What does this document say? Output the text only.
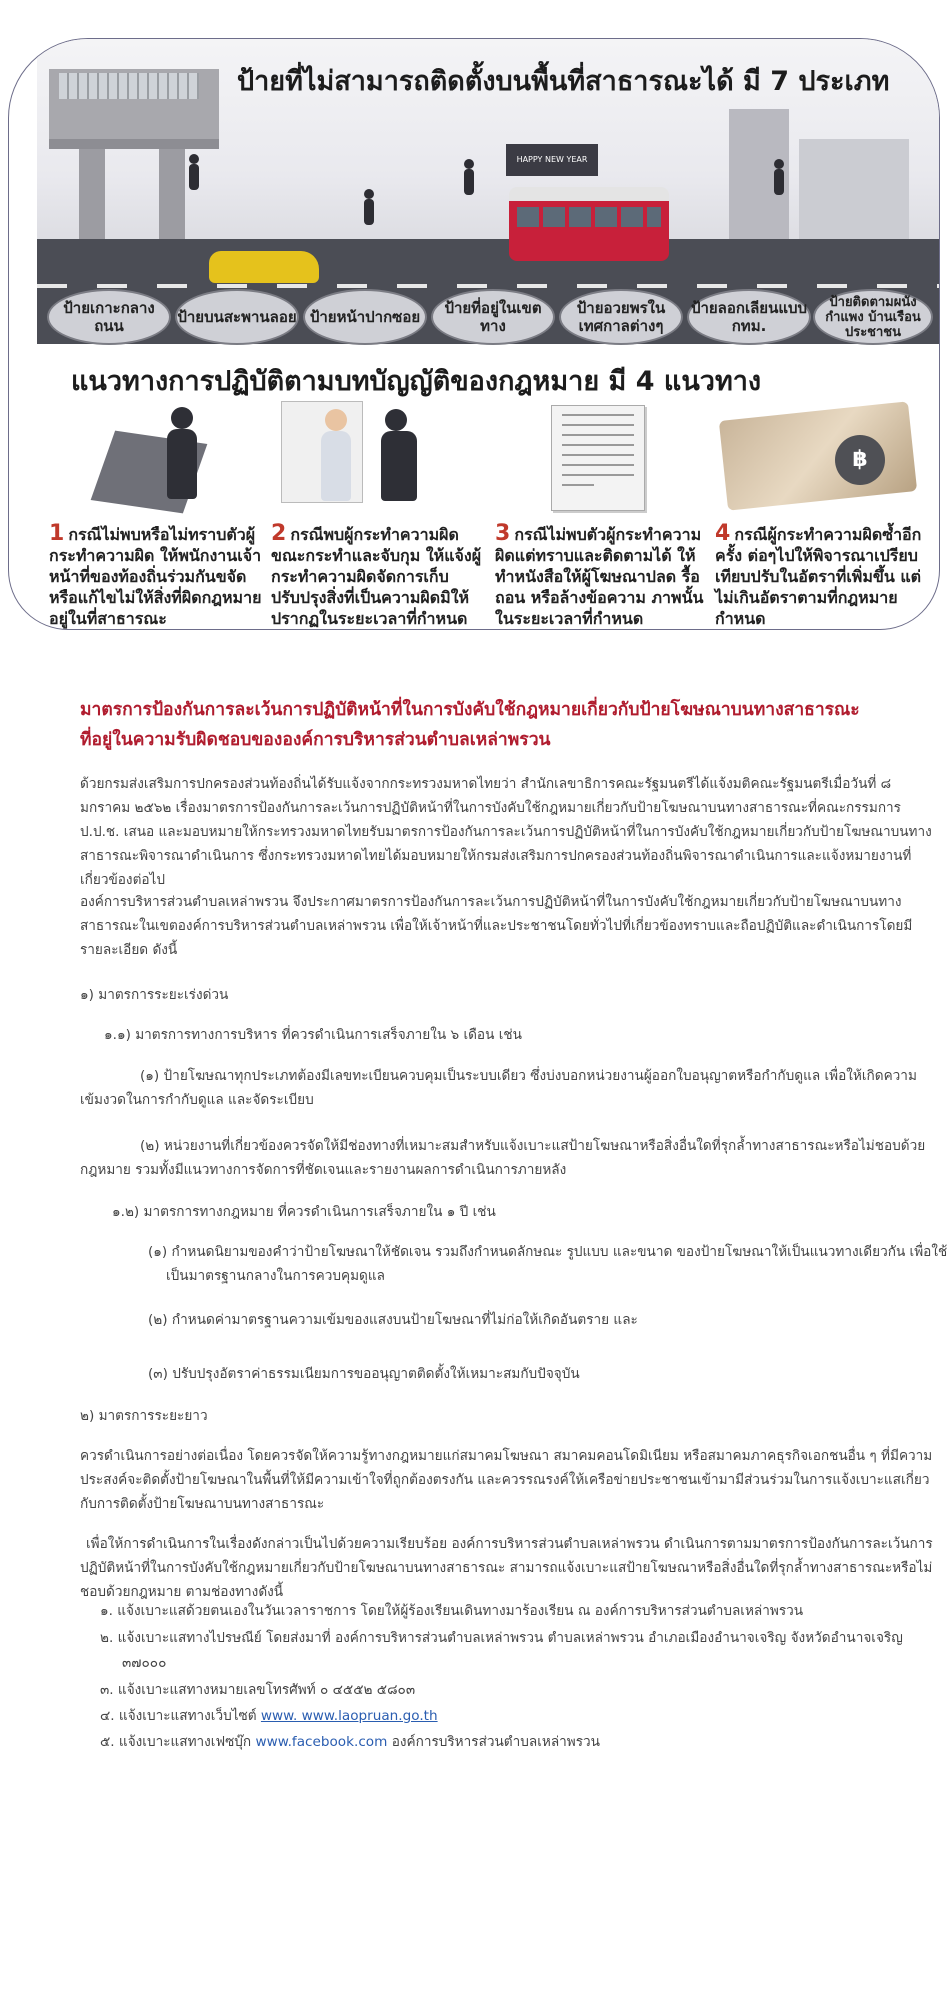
HAPPY NEW YEAR
ป้ายที่ไม่สามารถติดตั้งบนพื้นที่สาธารณะได้ มี 7 ประเภท
ป้ายเกาะกลางถนน	ป้ายบนสะพานลอย ป้ายหน้าปากซอย	ป้ายที่อยู่ในเขตทาง
ป้ายอวยพรในเทศกาลต่างๆ
ป้ายลอกเลียนแบบ กทม.
ป้ายติดตามผนังกำแพง บ้านเรือนประชาชน
แนวทางการปฏิบัติตามบทบัญญัติของกฎหมาย มี 4 แนวทาง
1 กรณีไม่พบหรือไม่ทราบตัวผู้กระทำความผิด ให้พนักงานเจ้าหน้าที่ของท้องถิ่นร่วมกันขจัดหรือแก้ไขไม่ให้สิ่งที่ผิดกฎหมายอยู่ในที่สาธารณะ
2 กรณีพบผู้กระทำความผิดขณะกระทำและจับกุม ให้แจ้งผู้กระทำความผิดจัดการเก็บ ปรับปรุงสิ่งที่เป็นความผิดมิให้ปรากฏในระยะเวลาที่กำหนด
3 กรณีไม่พบตัวผู้กระทำความผิดแต่ทราบและติดตามได้ ให้ทำหนังสือให้ผู้โฆษณาปลด รื้อ ถอน หรือล้างข้อความ ภาพนั้นในระยะเวลาที่กำหนด
฿
4 กรณีผู้กระทำความผิดซ้ำอีกครั้ง ต่อๆไปให้พิจารณาเปรียบเทียบปรับในอัตราที่เพิ่มขึ้น แต่ไม่เกินอัตราตามที่กฎหมายกำหนด
มาตรการป้องกันการละเว้นการปฏิบัติหน้าที่ในการบังคับใช้กฎหมายเกี่ยวกับป้ายโฆษณาบนทางสาธารณะ
ที่อยู่ในความรับผิดชอบขององค์การบริหารส่วนตำบลเหล่าพรวน
ด้วยกรมส่งเสริมการปกครองส่วนท้องถิ่นได้รับแจ้งจากกระทรวงมหาดไทยว่า สำนักเลขาธิการคณะรัฐมนตรีได้แจ้งมติคณะรัฐมนตรีเมื่อวันที่ ๘ มกราคม ๒๕๖๒ เรื่องมาตรการป้องกันการละเว้นการปฏิบัติหน้าที่ในการบังคับใช้กฎหมายเกี่ยวกับป้ายโฆษณาบนทางสาธารณะที่คณะกรรมการ ป.ป.ช. เสนอ และมอบหมายให้กระทรวงมหาดไทยรับมาตรการป้องกันการละเว้นการปฏิบัติหน้าที่ในการบังคับใช้กฎหมายเกี่ยวกับป้ายโฆษณาบนทางสาธารณะพิจารณาดำเนินการ ซึ่งกระทรวงมหาดไทยได้มอบหมายให้กรมส่งเสริมการปกครองส่วนท้องถิ่นพิจารณาดำเนินการและแจ้งหมายงานที่เกี่ยวข้องต่อไป
องค์การบริหารส่วนตำบลเหล่าพรวน จึงประกาศมาตรการป้องกันการละเว้นการปฏิบัติหน้าที่ในการบังคับใช้กฎหมายเกี่ยวกับป้ายโฆษณาบนทางสาธารณะในเขตองค์การบริหารส่วนตำบลเหล่าพรวน เพื่อให้เจ้าหน้าที่และประชาชนโดยทั่วไปที่เกี่ยวข้องทราบและถือปฏิบัติและดำเนินการโดยมีรายละเอียด ดังนี้
๑) มาตรการระยะเร่งด่วน
๑.๑) มาตรการทางการบริหาร ที่ควรดำเนินการเสร็จภายใน ๖ เดือน เช่น
(๑) ป้ายโฆษณาทุกประเภทต้องมีเลขทะเบียนควบคุมเป็นระบบเดียว ซึ่งบ่งบอกหน่วยงานผู้ออกใบอนุญาตหรือกำกับดูแล เพื่อให้เกิดความเข้มงวดในการกำกับดูแล และจัดระเบียบ
(๒) หน่วยงานที่เกี่ยวข้องควรจัดให้มีช่องทางที่เหมาะสมสำหรับแจ้งเบาะแสป้ายโฆษณาหรือสิ่งอื่นใดที่รุกล้ำทางสาธารณะหรือไม่ชอบด้วยกฎหมาย รวมทั้งมีแนวทางการจัดการที่ชัดเจนและรายงานผลการดำเนินการภายหลัง
๑.๒) มาตรการทางกฎหมาย ที่ควรดำเนินการเสร็จภายใน ๑ ปี เช่น
(๑) กำหนดนิยามของคำว่าป้ายโฆษณาให้ชัดเจน รวมถึงกำหนดลักษณะ รูปแบบ และขนาด ของป้ายโฆษณาให้เป็นแนวทางเดียวกัน เพื่อใช้เป็นมาตรฐานกลางในการควบคุมดูแล
(๒) กำหนดค่ามาตรฐานความเข้มของแสงบนป้ายโฆษณาที่ไม่ก่อให้เกิดอันตราย และ
(๓) ปรับปรุงอัตราค่าธรรมเนียมการขออนุญาตติดตั้งให้เหมาะสมกับปัจจุบัน
๒) มาตรการระยะยาว
ควรดำเนินการอย่างต่อเนื่อง โดยควรจัดให้ความรู้ทางกฎหมายแก่สมาคมโฆษณา สมาคมคอนโดมิเนียม หรือสมาคมภาคธุรกิจเอกชนอื่น ๆ ที่มีความประสงค์จะติดตั้งป้ายโฆษณาในพื้นที่ให้มีความเข้าใจที่ถูกต้องตรงกัน และควรรณรงค์ให้เครือข่ายประชาชนเข้ามามีส่วนร่วมในการแจ้งเบาะแสเกี่ยวกับการติดตั้งป้ายโฆษณาบนทางสาธารณะ
เพื่อให้การดำเนินการในเรื่องดังกล่าวเป็นไปด้วยความเรียบร้อย องค์การบริหารส่วนตำบลเหล่าพรวน ดำเนินการตามมาตรการป้องกันการละเว้นการปฏิบัติหน้าที่ในการบังคับใช้กฎหมายเกี่ยวกับป้ายโฆษณาบนทางสาธารณะ สามารถแจ้งเบาะแสป้ายโฆษณาหรือสิ่งอื่นใดที่รุกล้ำทางสาธารณะหรือไม่ชอบด้วยกฎหมาย ตามช่องทางดังนี้
๑. แจ้งเบาะแสด้วยตนเองในวันเวลาราชการ โดยให้ผู้ร้องเรียนเดินทางมาร้องเรียน ณ องค์การบริหารส่วนตำบลเหล่าพรวน
๒. แจ้งเบาะแสทางไปรษณีย์ โดยส่งมาที่ องค์การบริหารส่วนตำบลเหล่าพรวน ตำบลเหล่าพรวน อำเภอเมืองอำนาจเจริญ จังหวัดอำนาจเจริญ
๓๗๐๐๐
๓. แจ้งเบาะแสทางหมายเลขโทรศัพท์ ๐ ๔๕๕๒ ๕๘๐๓
๔. แจ้งเบาะแสทางเว็บไซต์ www. www.laopruan.go.th
๕. แจ้งเบาะแสทางเฟซบุ๊ก www.facebook.com องค์การบริหารส่วนตำบลเหล่าพรวน
